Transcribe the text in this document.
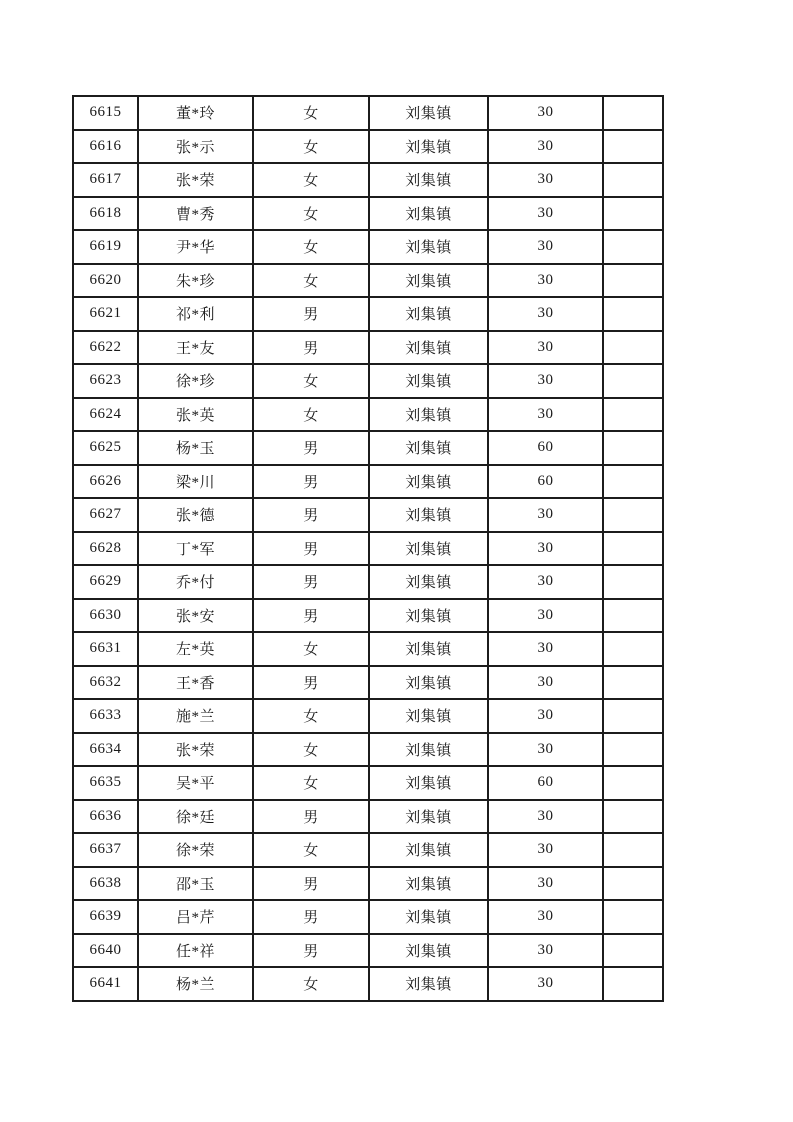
6615	董*玲	女	刘集镇	30	
6616	张*示	女	刘集镇	30	
6617	张*荣	女	刘集镇	30	
6618	曹*秀	女	刘集镇	30	
6619	尹*华	女	刘集镇	30	
6620	朱*珍	女	刘集镇	30	
6621	祁*利	男	刘集镇	30	
6622	王*友	男	刘集镇	30	
6623	徐*珍	女	刘集镇	30	
6624	张*英	女	刘集镇	30	
6625	杨*玉	男	刘集镇	60	
6626	梁*川	男	刘集镇	60	
6627	张*德	男	刘集镇	30	
6628	丁*军	男	刘集镇	30	
6629	乔*付	男	刘集镇	30	
6630	张*安	男	刘集镇	30	
6631	左*英	女	刘集镇	30	
6632	王*香	男	刘集镇	30	
6633	施*兰	女	刘集镇	30	
6634	张*荣	女	刘集镇	30	
6635	吴*平	女	刘集镇	60	
6636	徐*廷	男	刘集镇	30	
6637	徐*荣	女	刘集镇	30	
6638	邵*玉	男	刘集镇	30	
6639	吕*芹	男	刘集镇	30	
6640	任*祥	男	刘集镇	30	
6641	杨*兰	女	刘集镇	30	
